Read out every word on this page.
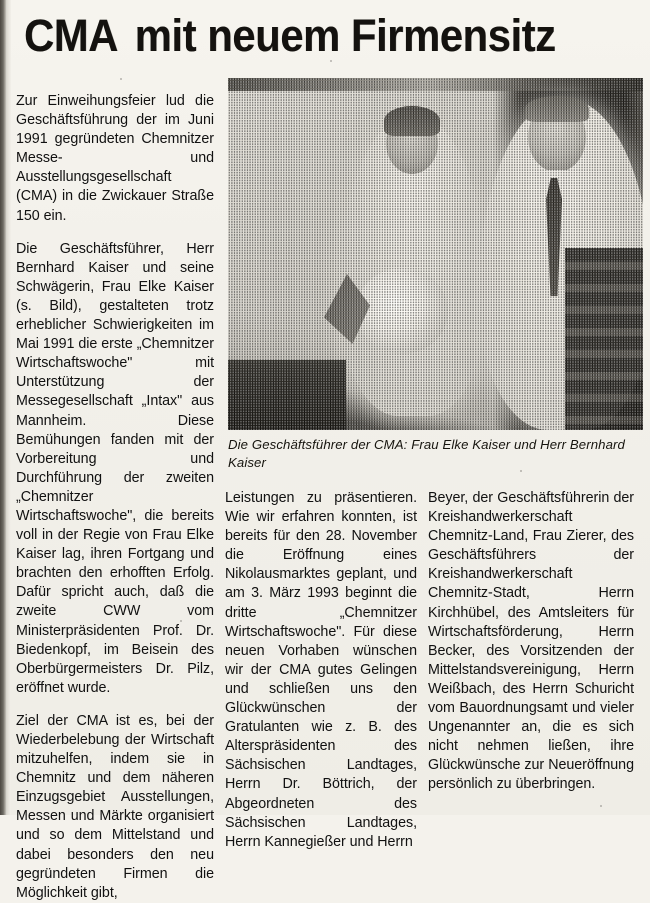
CMA mit neuem Firmensitz
Die Geschäftsführer der CMA: Frau Elke Kaiser und Herr Bernhard Kaiser

Zur Einweihungsfeier lud die Geschäftsführung der im Juni 1991 gegründeten Chemnitzer Messe- und Ausstellungsgesellschaft (CMA) in die Zwickauer Straße 150 ein.

Die Geschäftsführer, Herr Bernhard Kaiser und seine Schwägerin, Frau Elke Kaiser (s. Bild), gestalteten trotz erheblicher Schwierigkeiten im Mai 1991 die erste „Chemnitzer Wirtschaftswoche" mit Unterstützung der Messegesellschaft „Intax" aus Mannheim. Diese Bemühungen fanden mit der Vorbereitung und Durchführung der zweiten „Chemnitzer Wirtschaftswoche", die bereits voll in der Regie von Frau Elke Kaiser lag, ihren Fortgang und brachten den erhofften Erfolg. Dafür spricht auch, daß die zweite CWW vom Ministerpräsidenten Prof. Dr. Biedenkopf, im Beisein des Oberbürgermeisters Dr. Pilz, eröffnet wurde.

Ziel der CMA ist es, bei der Wiederbelebung der Wirtschaft mitzuhelfen, indem sie in Chemnitz und dem näheren Einzugsgebiet Ausstellungen, Messen und Märkte organisiert und so dem Mittelstand und dabei besonders den neu gegründeten Firmen die Möglichkeit gibt,

Leistungen zu präsentieren. Wie wir erfahren konnten, ist bereits für den 28. November die Eröffnung eines Nikolausmarktes geplant, und am 3. März 1993 beginnt die dritte „Chemnitzer Wirtschaftswoche". Für diese neuen Vorhaben wünschen wir der CMA gutes Gelingen und schließen uns den Glückwünschen der Gratulanten wie z. B. des Alterspräsidenten des Sächsischen Landtages, Herrn Dr. Böttrich, der Abgeordneten des Sächsischen Landtages, Herrn Kannegießer und Herrn

Beyer, der Geschäftsführerin der Kreishandwerkerschaft Chemnitz-Land, Frau Zierer, des Geschäftsführers der Kreishandwerkerschaft Chemnitz-Stadt, Herrn Kirchhübel, des Amtsleiters für Wirtschaftsförderung, Herrn Becker, des Vorsitzenden der Mittelstandsvereinigung, Herrn Weißbach, des Herrn Schuricht vom Bauordnungsamt und vieler Ungenannter an, die es sich nicht nehmen ließen, ihre Glückwünsche zur Neueröffnung persönlich zu überbringen.
